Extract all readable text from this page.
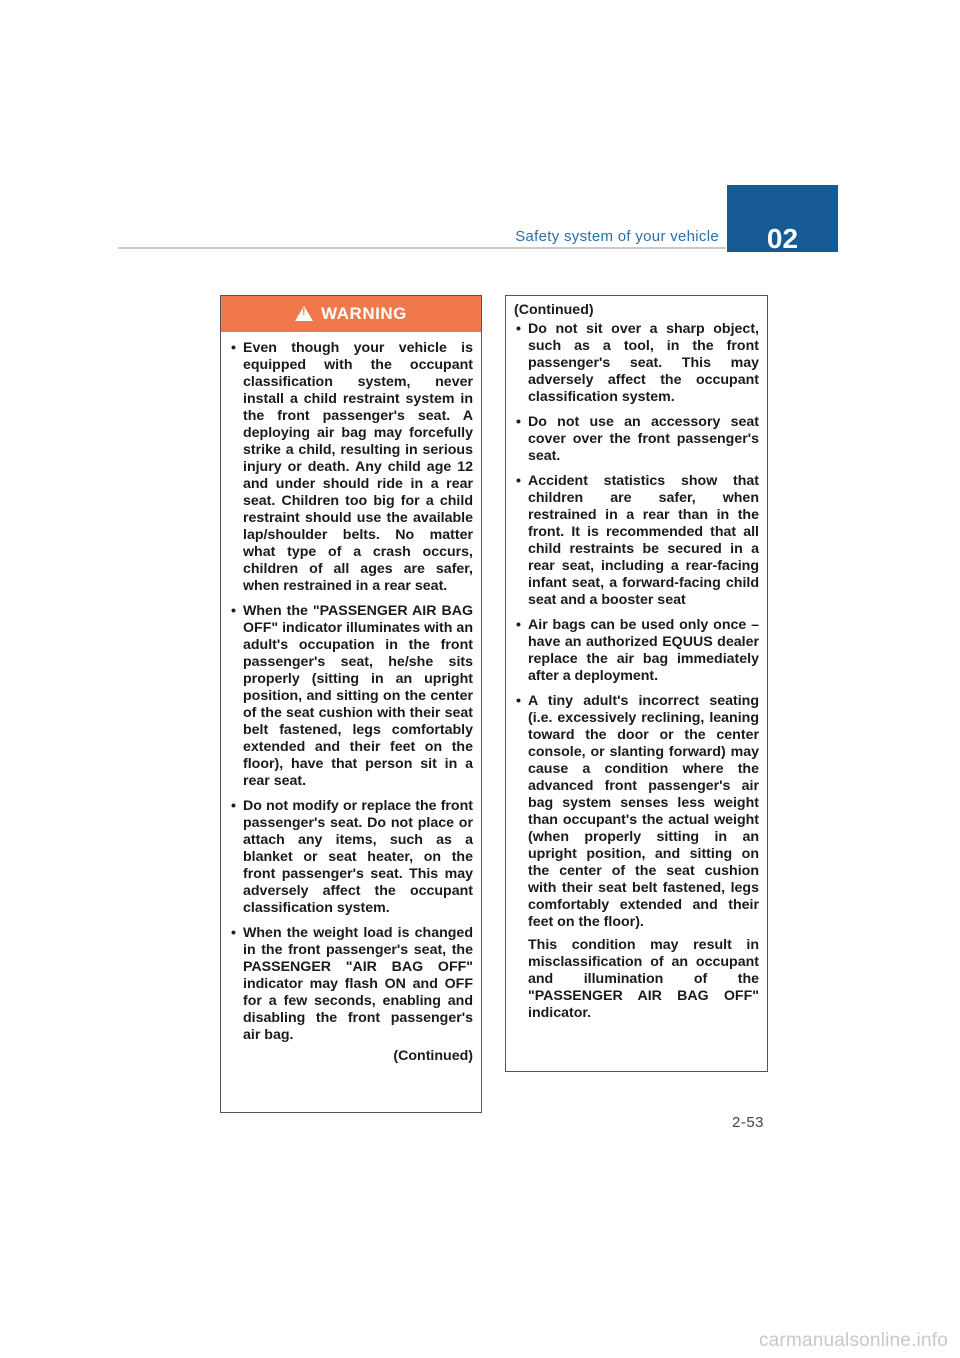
Safety system of your vehicle	02
!
WARNING
• Even though your vehicle is equipped with the occupant classification system, never install a child restraint system in the front passenger's seat. A deploying air bag may forcefully strike a child, resulting in serious injury or death. Any child age 12 and under should ride in a rear seat. Children too big for a child restraint should use the available lap/shoulder belts. No matter what type of a crash occurs, children of all ages are safer, when restrained in a rear seat.
• When the "PASSENGER AIR BAG OFF" indicator illuminates with an adult's occupation in the front passenger's seat, he/she sits properly (sitting in an upright position, and sitting on the center of the seat cushion with their seat belt fastened, legs comfortably extended and their feet on the floor), have that person sit in a rear seat.
• Do not modify or replace the front passenger's seat. Do not place or attach any items, such as a blanket or seat heater, on the front passenger's seat. This may adversely affect the occupant classification system.
• When the weight load is changed in the front passenger's seat, the PASSENGER "AIR BAG OFF" indicator may flash ON and OFF for a few seconds, enabling and disabling the front passenger's air bag.
(Continued)
(Continued)
• Do not sit over a sharp object, such as a tool, in the front passenger's seat. This may adversely affect the occupant classification system.
• Do not use an accessory seat cover over the front passenger's seat.
• Accident statistics show that children are safer, when restrained in a rear than in the front. It is recommended that all child restraints be secured in a rear seat, including a rear-facing infant seat, a forward-facing child seat and a booster seat
• Air bags can be used only once – have an authorized EQUUS dealer replace the air bag immediately after a deployment.
• A tiny adult's incorrect seating (i.e. excessively reclining, leaning toward the door or the center console, or slanting forward) may cause a condition where the advanced front passenger's air bag system senses less weight than occupant's the actual weight (when properly sitting in an upright position, and sitting on the center of the seat cushion with their seat belt fastened, legs comfortably extended and their feet on the floor).

This condition may result in misclassification of an occupant and illumination of the "PASSENGER AIR BAG OFF" indicator.

2-53
carmanualsonline.info
